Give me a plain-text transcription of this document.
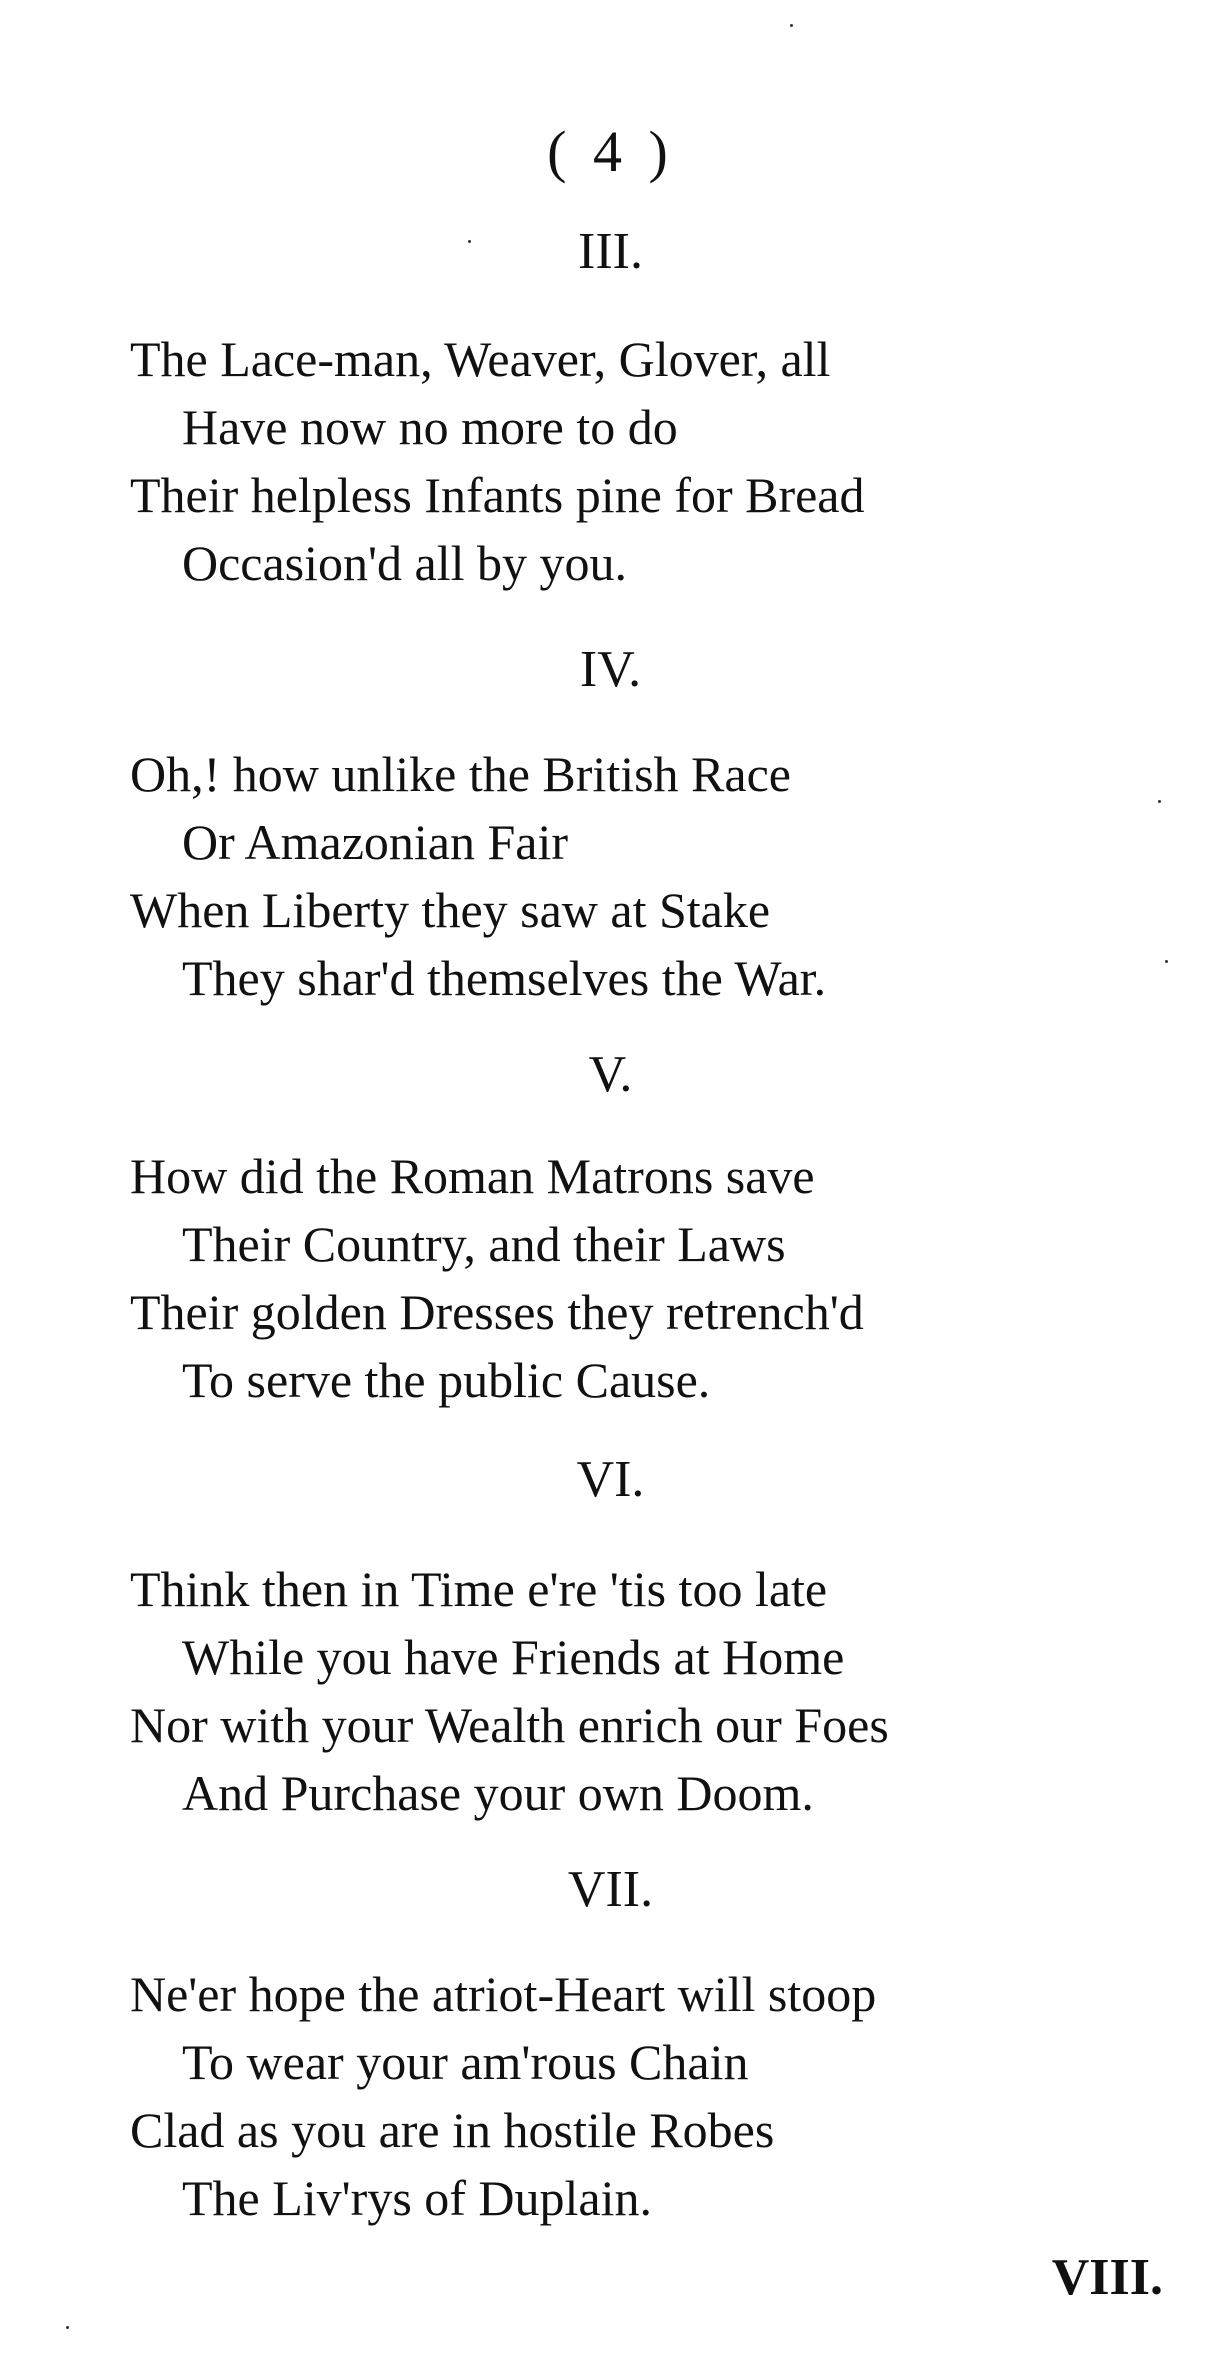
( 4 )
III.
The Lace-man, Weaver, Glover, all
Have now no more to do
Their helpless Infants pine for Bread
Occasion'd all by you.
IV.
Oh,! how unlike the British Race
Or Amazonian Fair
When Liberty they saw at Stake
They shar'd themselves the War.
V.
How did the Roman Matrons save
Their Country, and their Laws
Their golden Dresses they retrench'd
To serve the public Cause.
VI.
Think then in Time e're 'tis too late
While you have Friends at Home
Nor with your Wealth enrich our Foes
And Purchase your own Doom.
VII.
Ne'er hope the atriot-Heart will stoop
To wear your am'rous Chain
Clad as you are in hostile Robes
The Liv'rys of Duplain.
VIII.
